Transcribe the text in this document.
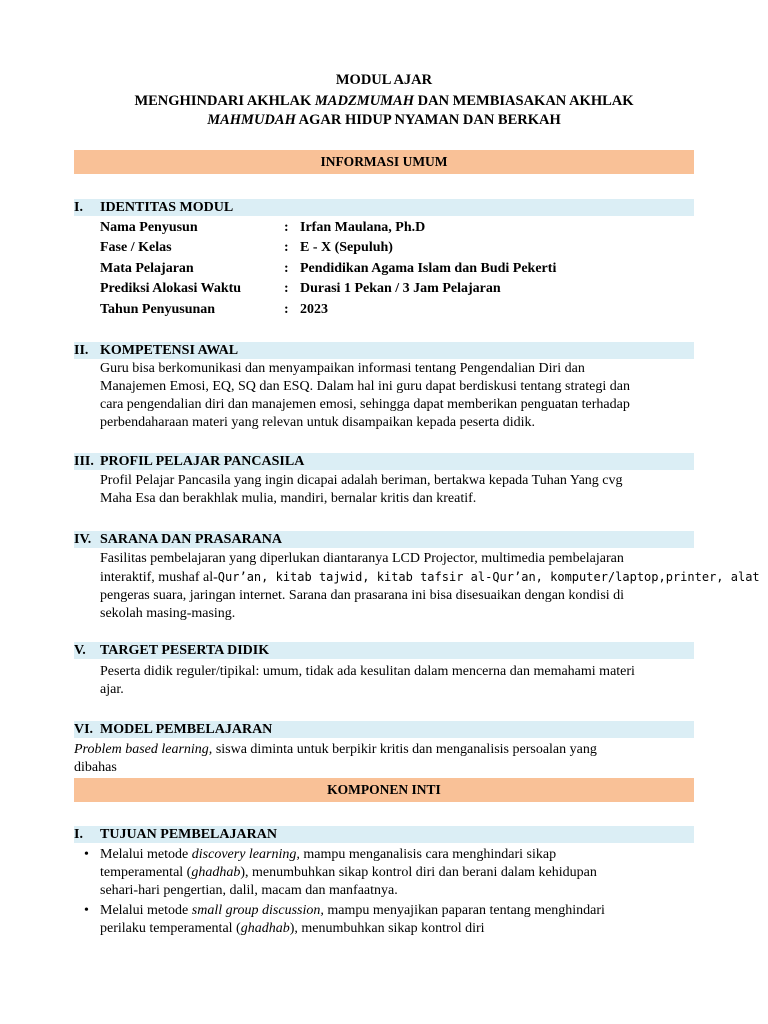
MODUL AJAR
MENGHINDARI AKHLAK MADZMUMAH DAN MEMBIASAKAN AKHLAK
MAHMUDAH AGAR HIDUP NYAMAN DAN BERKAH
INFORMASI UMUM
I. IDENTITAS MODUL
Nama Penyusun	: Irfan Maulana, Ph.D
Fase / Kelas	: E - X (Sepuluh)
Mata Pelajaran	: Pendidikan Agama Islam dan Budi Pekerti
Prediksi Alokasi Waktu	: Durasi 1 Pekan / 3 Jam Pelajaran
Tahun Penyusunan	: 2023
II. KOMPETENSI AWAL
Guru bisa berkomunikasi dan menyampaikan informasi tentang Pengendalian Diri dan
Manajemen Emosi, EQ, SQ dan ESQ. Dalam hal ini guru dapat berdiskusi tentang strategi dan
cara pengendalian diri dan manajemen emosi, sehingga dapat memberikan penguatan terhadap
perbendaharaan materi yang relevan untuk disampaikan kepada peserta didik.
III. PROFIL PELAJAR PANCASILA
Profil Pelajar Pancasila yang ingin dicapai adalah beriman, bertakwa kepada Tuhan Yang cvg
Maha Esa dan berakhlak mulia, mandiri, bernalar kritis dan kreatif.
IV. SARANA DAN PRASARANA
Fasilitas pembelajaran yang diperlukan diantaranya LCD Projector, multimedia pembelajaran
interaktif, mushaf al-Qur’an, kitab tajwid, kitab tafsir al-Qur’an, komputer/laptop,printer, alat
pengeras suara, jaringan internet. Sarana dan prasarana ini bisa disesuaikan dengan kondisi di
sekolah masing-masing.
V. TARGET PESERTA DIDIK
Peserta didik reguler/tipikal: umum, tidak ada kesulitan dalam mencerna dan memahami materi
ajar.
VI. MODEL PEMBELAJARAN
Problem based learning, siswa diminta untuk berpikir kritis dan menganalisis persoalan yang
dibahas
KOMPONEN INTI
I. TUJUAN PEMBELAJARAN
• Melalui metode discovery learning, mampu menganalisis cara menghindari sikap
temperamental (ghadhab), menumbuhkan sikap kontrol diri dan berani dalam kehidupan
sehari-hari pengertian, dalil, macam dan manfaatnya.
• Melalui metode small group discussion, mampu menyajikan paparan tentang menghindari
perilaku temperamental (ghadhab), menumbuhkan sikap kontrol diri
